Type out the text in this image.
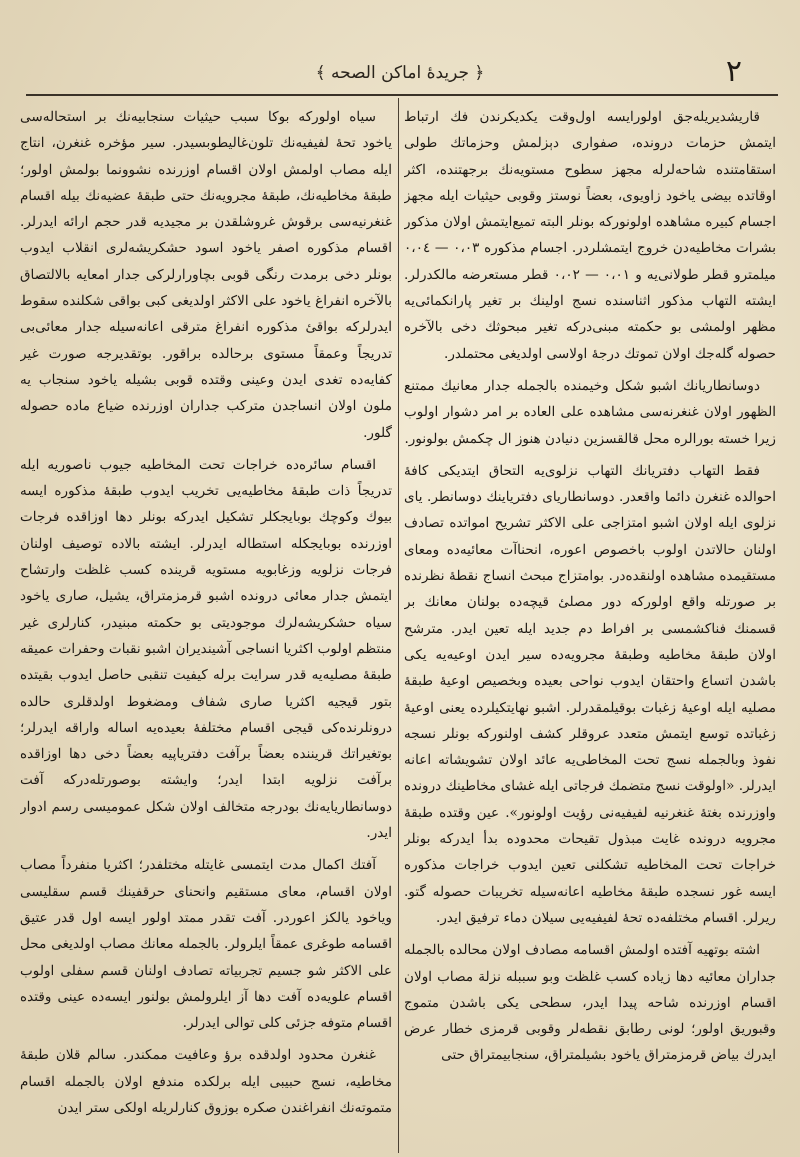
﴿ جريدۀ اماكن الصحه ﴾	٢

قاريشدیريله‌جق اولورايسه اول‌وقت يكديكرندن فك ارتباط ايتمش حزمات درونده، صفوارى دېزلمش وحزماتك طولى استقامتنده شاحه‌لرله مجهز سطوح مستويه‌نك برجهتنده، اكثر اوقاتده بيضی ياخود زاويوى، بعضاً نوستز وقوبى حيثيات ايله مجهز اجسام كبيره مشاهده اولونوركه بونلر البته تميع‌ايتمش اولان مذكور بشرات مخاطيه‌دن خروج ايتمشلردر. اجسام مذكوره ٠،٠٣ — ٠،٠٤ ميلمترو قطر طولانی‌يه و ٠،٠١ — ٠،٠٢ قطر مستعرضه مالكدرلر. ايشته التهاب مذكور اثناسنده نسج اولينك بر تغير پارانكمائی‌يه مظهر اولمشی بو حكمته مبنی‌دركه تغير مبحوثك دخی بالآخره حصوله گله‌جك اولان تموتك درجۀ اولاسی اولديغی محتملدر.

دوسانطاريانك اشبو شكل وخيمنده بالجمله جدار معانيك ممتنع الظهور اولان غنغرنه‌سی مشاهده على العاده بر امر دشوار اولوب زيرا خسته بورالره محل قالقسزين دنيادن هنوز ال چكمش بولونور.

فقط التهاب دفتريانك التهاب نزلوی‌يه التحاق ايتديكی كافۀ احوالده غنغرن دائما واقعدر. دوسانطاريای دفترياينك دوسانطر. ياى نزلوى ايله اولان اشبو امتزاجى على الاكثر تشريح امواتده تصادف اولنان حالاتدن اولوب باخصوص اعوره، انحناآت معائيه‌ده ومعاى مستقيمده مشاهده اولنقده‌در. بوامتزاج مبحث انساج نقطۀ نظرنده بر صورتله واقع اولوركه دور مصلىٔ قيچه‌ده بولنان معانك بر قسمنك فناكشمسی بر افراط دم جديد ايله تعين ايدر. مترشح اولان طبقۀ مخاطيه وطبقۀ مجرويه‌ده سير ايدن اوعيه‌يه يكی باشدن اتساع واحتقان ايدوب نواحی بعيده وبخصيص اوعيۀ طبقۀ مصليه ايله اوعيۀ زغبات بوقيلمقدرلر. اشبو نهايتكيلرده يعنى اوعيۀ زغباتده توسع ايتمش متعدد عروقلر كشف اولنوركه بونلر نسجه نفوذ وبالجمله نسج تحت المخاطى‌يه عائد اولان تشويشاته اعانه ايدرلر. «اولوقت نسج متضمك فرجاتی ايله غشاى مخاطينك درونده واوزرنده بغتۀ غنغرنيه لفيفيه‌نی رؤيت اولونور». عين وقتده طبقۀ مجرويه درونده غايت مبذول تقيحات محدوده بدأ ايدركه بونلر خراجات تحت المخاطيه تشكلنى تعين ايدوب خراجات مذكوره ايسه غور نسجده طبقۀ مخاطيه اعانه‌سيله تخريبات حصوله گتو. ريرلر. اقسام مختلفه‌ده تحۀ لفيفيه‌يی سيلان دماء ترفيق ايدر.

اشته بوتهيه آفتده اولمش اقسامه مصادف اولان محالده بالجمله جداران معائيه دها زياده كسب غلظت وبو سببله نزلة مصاب اولان اقسام اوزرنده شاحه پيدا ايدر، سطحى يكی باشدن متموج وقبوريق اولور؛ لونى رطابق نقطه‌لر وقوبى قرمزى خطار عرض ايدرك بياض قرمزمتراق ياخود بشيلمتراق، سنجابيمتراق حتى

سياه اولوركه بوكا سبب حيثيات سنجابيه‌نك بر استحاله‌سی ياخود تحۀ لفيفيه‌نك تلون‌غاليطوبسيدر. سير مؤخره غنغرن، انتاج ايله مصاب اولمش اولان اقسام اوزرنده نشوونما بولمش اولور؛ طبقۀ مخاطيه‌نك، طبقۀ مجرويه‌نك حتى طبقۀ عضيه‌نك بيله اقسام غنغرنيه‌سی برقوش غروشلقدن بر مجيديه قدر حجم ارائه ايدرلر. اقسام مذكوره اصفر ياخود اسود حشكريشه‌لرى انقلاب ايدوب بونلر دخى برمدت رنگی قوبی بچاورارلركی جدار امعايه بالالتصاق بالآخره انفراغ ياخود على الاكثر اولديغی كبى بواقی شكلنده سقوط ايدرلركه بواقیٔ مذكوره انفراغ مترقی اعانه‌سيله جدار معائی‌بی تدريجاً وعمقاً مستوى برحالده براقور. بوتقديرجه صورت غير كفايه‌ده تغدى ايدن وعينى وقتده قوبى بشيله ياخود سنجاب یه ملون اولان انساجدن مترکب جداران اوزرنده ضياع ماده حصوله گلور.

اقسام سائره‌ده خراجات تحت المخاطيه جيوب ناصوريه ايله تدريجاً ذات طبقۀ مخاطيه‌يی تخريب ايدوب طبقۀ مذكوره ايسه بيوك وكوچك بوبايجكلر تشكيل ايدركه بونلر دها اوزاقده فرجات اوزرنده بوبايجكله استطاله ايدرلر. ايشته بالاده توصيف اولنان فرجات نزلويه وزغابويه مستويه قرينده كسب غلظت وارتشاح ايتمش جدار معائى درونده اشبو قرمزمتراق، يشيل، صارى ياخود سياه حشكريشه‌لرك موجوديتى بو حكمته مبنيدر، كنارلرى غير منتظم اولوب اكثريا انساجى آشيندیران اشبو نقبات وحفرات عميقه طبقۀ مصليه‌يه قدر سرايت برله كيفيت تنقبی حاصل ايدوب بقيتده بتور قيجيه اكثريا صارى شفاف ومضغوط اولدقلرى حالده درونلرنده‌كی قيجى اقسام مختلفۀ بعيده‌يه اساله واراقه ايدرلر؛ بوتغيراتك قريننده بعضاً برآفت دفترياپيه بعضاً دخى دها اوزاقده برآفت نزلويه ابتدا ايدر؛ وايشته بوصورتله‌دركه آفت دوسانطاريا‌يه‌نك بودرجه متخالف اولان شكل عموميسی رسم ادوار ايدر.

آفتك اكمال مدت ايتمسی غايتله مختلفدر؛ اكثريا منفرداً مصاب اولان اقسام، معاى مستقيم وانحناى حرقفينك قسم سقليسى وياخود يالكز اعوردر. آفت تقدر ممتد اولور ايسه اول قدر عتيق اقسامه طوغرى عمقاً ايلرولر. بالجمله معانك مصاب اولديغی محل على الاكثر شو جسيم تجربياته تصادف اولنان قسم سفلى اولوب اقسام علويه‌ده آفت دها آز ايلرولمش بولنور ايسه‌ده عينى وقتده اقسام متوفه جزئى كلى توالى ايدرلر.

غنغرن محدود اولدقده برؤ وعافيت ممكندر. سالم قلان طبقۀ مخاطيه، نسج حبيبى ايله برلكده مندفع اولان بالجمله اقسام متموته‌نك انفراغندن صكره بوزوق كنارلريله اولكى ستر ايدن
